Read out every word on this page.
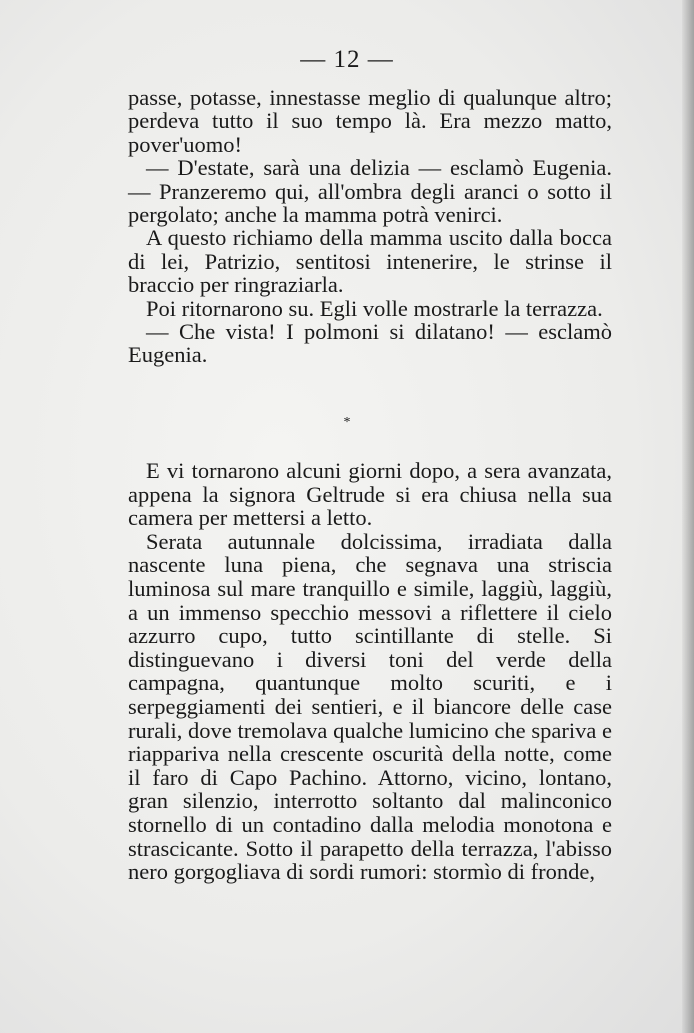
— 12 —

passe, potasse, innestasse meglio di qualunque altro; perdeva tutto il suo tempo là. Era mezzo matto, pover'uomo!

— D'estate, sarà una delizia — esclamò Eugenia. — Pranzeremo qui, all'ombra degli aranci o sotto il pergolato; anche la mamma potrà venirci.

A questo richiamo della mamma uscito dalla bocca di lei, Patrizio, sentitosi intenerire, le strinse il braccio per ringraziarla.

Poi ritornarono su. Egli volle mostrarle la terrazza.

— Che vista! I polmoni si dilatano! — esclamò Eugenia.

*

E vi tornarono alcuni giorni dopo, a sera avanzata, appena la signora Geltrude si era chiusa nella sua camera per mettersi a letto.

Serata autunnale dolcissima, irradiata dalla nascente luna piena, che segnava una striscia luminosa sul mare tranquillo e simile, laggiù, laggiù, a un immenso specchio messovi a riflettere il cielo azzurro cupo, tutto scintillante di stelle. Si distinguevano i diversi toni del verde della campagna, quantunque molto scuriti, e i serpeggiamenti dei sentieri, e il biancore delle case rurali, dove tremolava qualche lumicino che spariva e riappariva nella crescente oscurità della notte, come il faro di Capo Pachino. Attorno, vicino, lontano, gran silenzio, interrotto soltanto dal malinconico stornello di un contadino dalla melodia monotona e strascicante. Sotto il parapetto della terrazza, l'abisso nero gorgogliava di sordi rumori: stormìo di fronde,
